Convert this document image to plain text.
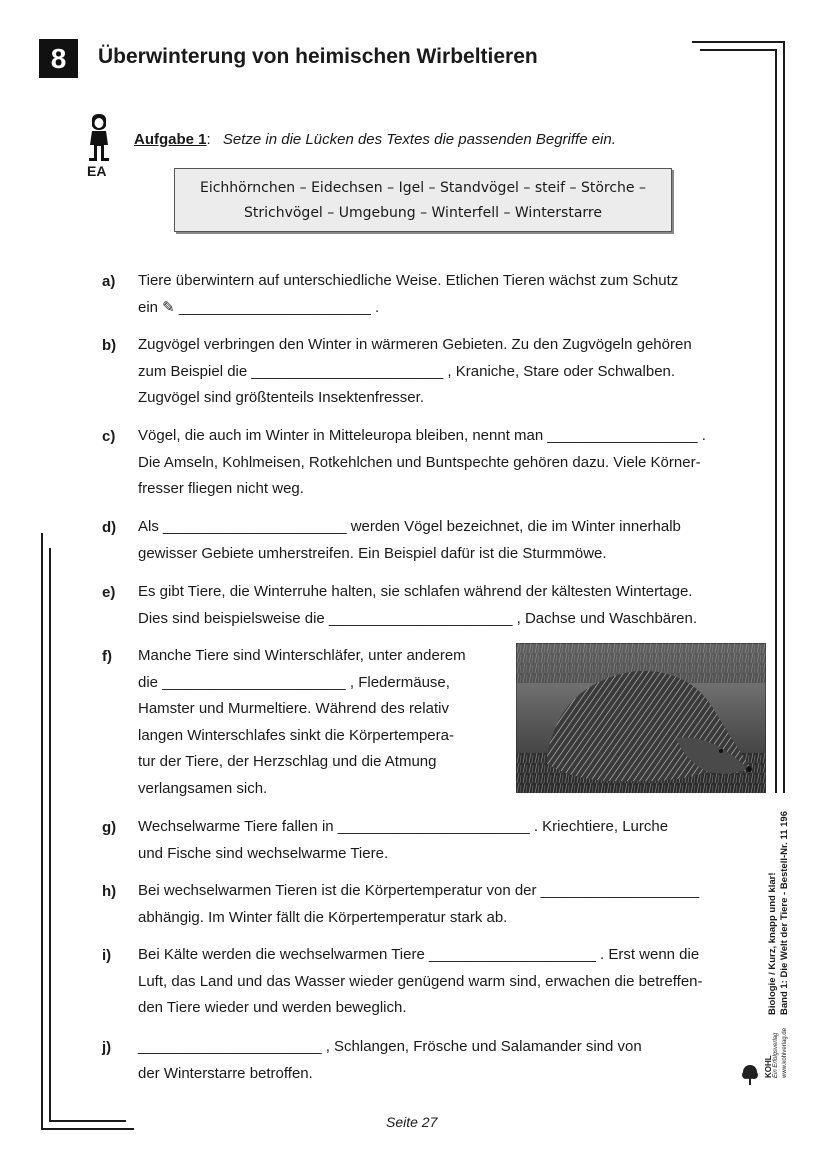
8	Überwinterung von heimischen Wirbeltieren
EA
Aufgabe 1: Setze in die Lücken des Textes die passenden Begriffe ein.
Eichhörnchen – Eidechsen – Igel – Standvögel – steif – Störche –
Strichvögel – Umgebung – Winterfell – Winterstarre
a) Tiere überwintern auf unterschiedliche Weise. Etlichen Tieren wächst zum Schutz
ein ✎ _______________________ .
b) Zugvögel verbringen den Winter in wärmeren Gebieten. Zu den Zugvögeln gehören
zum Beispiel die _______________________ , Kraniche, Stare oder Schwalben.
Zugvögel sind größtenteils Insektenfresser.
c) Vögel, die auch im Winter in Mitteleuropa bleiben, nennt man __________________ .
Die Amseln, Kohlmeisen, Rotkehlchen und Buntspechte gehören dazu. Viele Körner-
fresser fliegen nicht weg.
d) Als ______________________ werden Vögel bezeichnet, die im Winter innerhalb
gewisser Gebiete umherstreifen. Ein Beispiel dafür ist die Sturmmöwe.
e) Es gibt Tiere, die Winterruhe halten, sie schlafen während der kältesten Wintertage.
Dies sind beispielsweise die ______________________ , Dachse und Waschbären.
f) Manche Tiere sind Winterschläfer, unter anderem
die ______________________ , Fledermäuse,
Hamster und Murmeltiere. Während des relativ
langen Winterschlafes sinkt die Körpertempera-
tur der Tiere, der Herzschlag und die Atmung
verlangsamen sich.
g) Wechselwarme Tiere fallen in _______________________ . Kriechtiere, Lurche
und Fische sind wechselwarme Tiere.
h) Bei wechselwarmen Tieren ist die Körpertemperatur von der ___________________
abhängig. Im Winter fällt die Körpertemperatur stark ab.
i) Bei Kälte werden die wechselwarmen Tiere ____________________ . Erst wenn die
Luft, das Land und das Wasser wieder genügend warm sind, erwachen die betreffen-
den Tiere wieder und werden beweglich.
j) ______________________ , Schlangen, Frösche und Salamander sind von
der Winterstarre betroffen.
Biologie / Kurz, knapp und klar! Band 1: Die Welt der Tiere - Bestell-Nr. 11 196
KOHL Ein Erfolgsverlag www.kohlverlag.de
Seite 27
